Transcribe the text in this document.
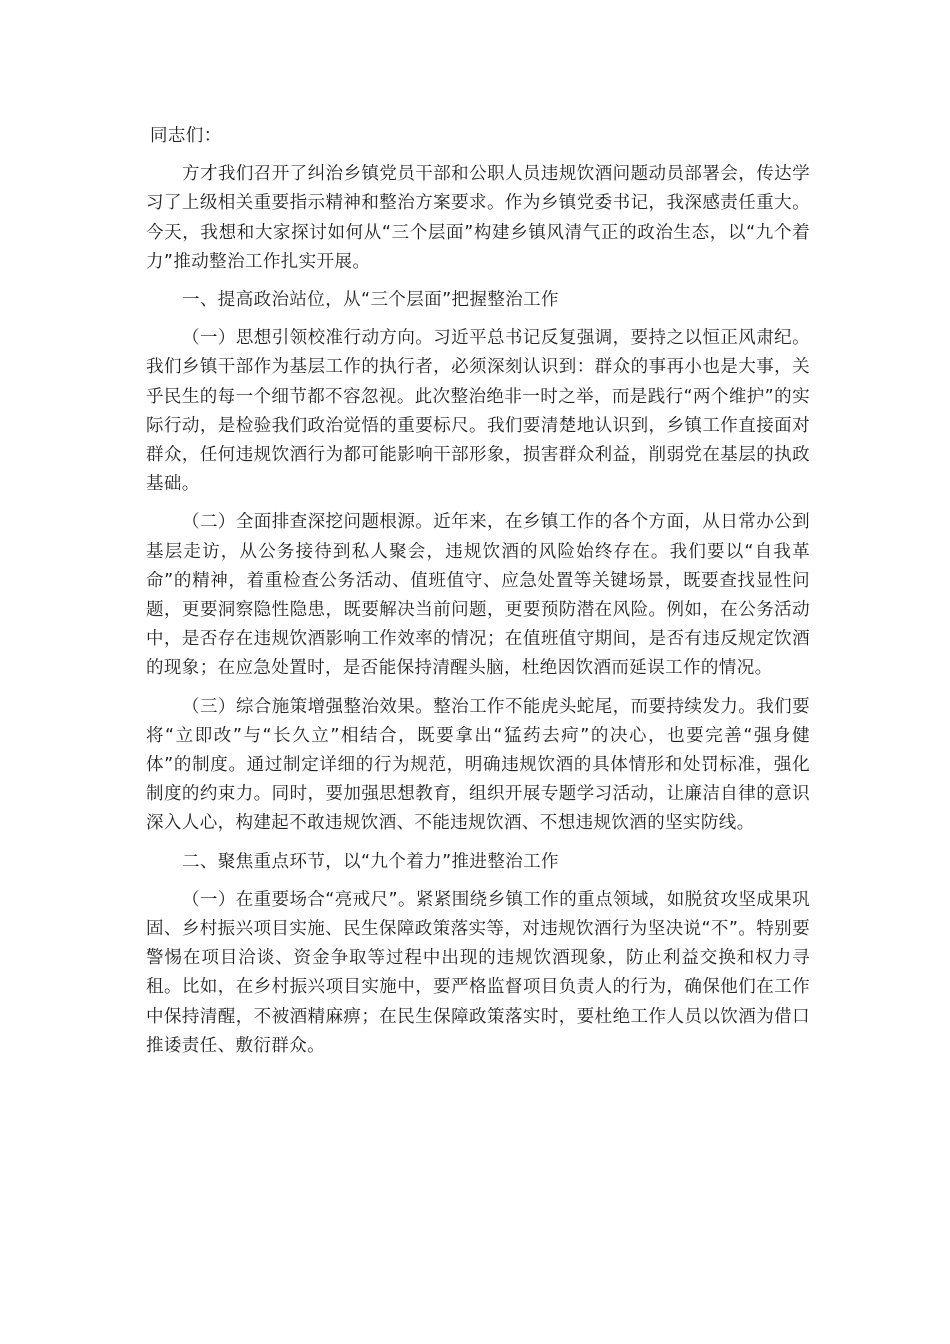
同志们：

方才我们召开了纠治乡镇党员干部和公职人员违规饮酒问题动员部署会，传达学习了上级相关重要指示精神和整治方案要求。作为乡镇党委书记，我深感责任重大。今天，我想和大家探讨如何从“三个层面”构建乡镇风清气正的政治生态，以“九个着力”推动整治工作扎实开展。

一、提高政治站位，从“三个层面”把握整治工作

（一）思想引领校准行动方向。习近平总书记反复强调，要持之以恒正风肃纪。我们乡镇干部作为基层工作的执行者，必须深刻认识到：群众的事再小也是大事，关乎民生的每一个细节都不容忽视。此次整治绝非一时之举，而是践行“两个维护”的实际行动，是检验我们政治觉悟的重要标尺。我们要清楚地认识到，乡镇工作直接面对群众，任何违规饮酒行为都可能影响干部形象，损害群众利益，削弱党在基层的执政基础。

（二）全面排查深挖问题根源。近年来，在乡镇工作的各个方面，从日常办公到基层走访，从公务接待到私人聚会，违规饮酒的风险始终存在。我们要以“自我革命”的精神，着重检查公务活动、值班值守、应急处置等关键场景，既要查找显性问题，更要洞察隐性隐患，既要解决当前问题，更要预防潜在风险。例如，在公务活动中，是否存在违规饮酒影响工作效率的情况；在值班值守期间，是否有违反规定饮酒的现象；在应急处置时，是否能保持清醒头脑，杜绝因饮酒而延误工作的情况。

（三）综合施策增强整治效果。整治工作不能虎头蛇尾，而要持续发力。我们要将“立即改”与“长久立”相结合，既要拿出“猛药去疴”的决心，也要完善“强身健体”的制度。通过制定详细的行为规范，明确违规饮酒的具体情形和处罚标准，强化制度的约束力。同时，要加强思想教育，组织开展专题学习活动，让廉洁自律的意识深入人心，构建起不敢违规饮酒、不能违规饮酒、不想违规饮酒的坚实防线。

二、聚焦重点环节，以“九个着力”推进整治工作

（一）在重要场合“亮戒尺”。紧紧围绕乡镇工作的重点领域，如脱贫攻坚成果巩固、乡村振兴项目实施、民生保障政策落实等，对违规饮酒行为坚决说“不”。特别要警惕在项目洽谈、资金争取等过程中出现的违规饮酒现象，防止利益交换和权力寻租。比如，在乡村振兴项目实施中，要严格监督项目负责人的行为，确保他们在工作中保持清醒，不被酒精麻痹；在民生保障政策落实时，要杜绝工作人员以饮酒为借口推诿责任、敷衍群众。
